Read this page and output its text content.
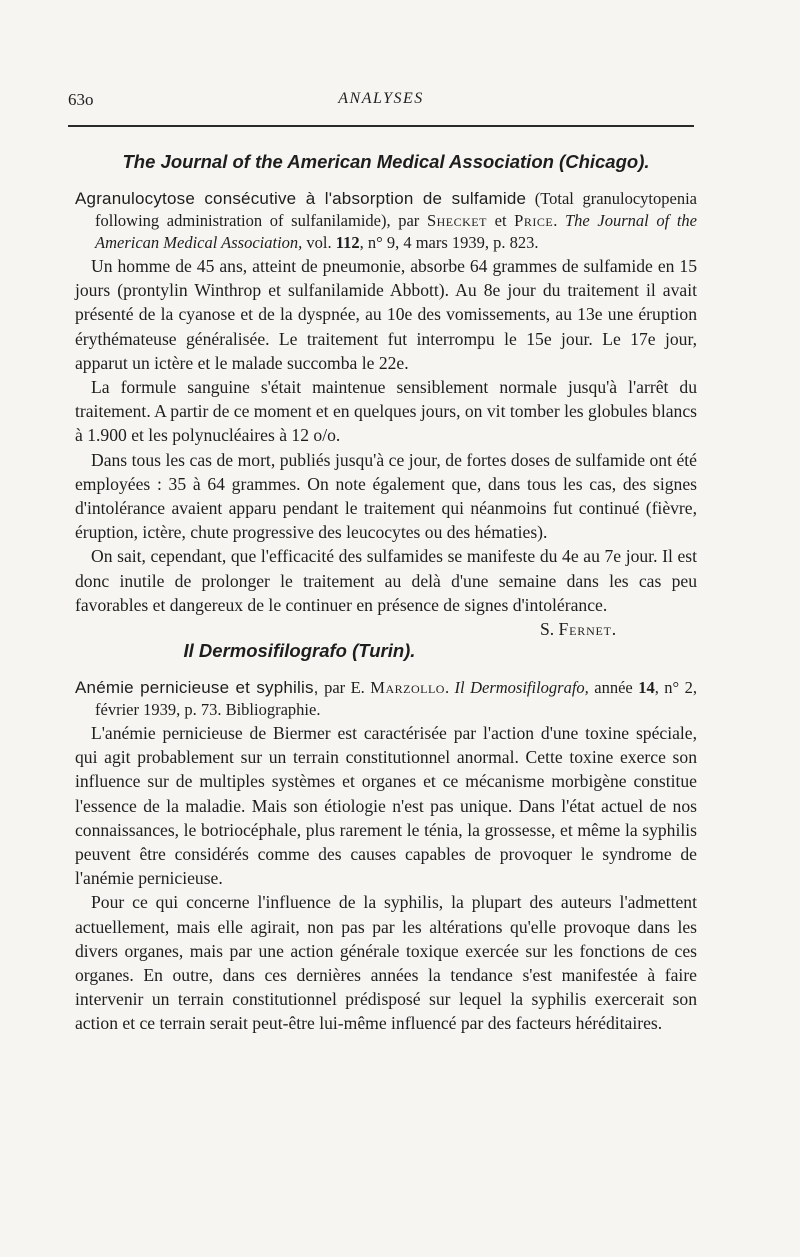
63o	ANALYSES
The Journal of the American Medical Association (Chicago).

Agranulocytose consécutive à l'absorption de sulfamide (Total granulocytopenia following administration of sulfanilamide), par Shecket et Price. The Journal of the American Medical Association, vol. 112, n° 9, 4 mars 1939, p. 823.

Un homme de 45 ans, atteint de pneumonie, absorbe 64 grammes de sulfamide en 15 jours (prontylin Winthrop et sulfanilamide Abbott). Au 8e jour du traitement il avait présenté de la cyanose et de la dyspnée, au 10e des vomissements, au 13e une éruption érythémateuse généralisée. Le traitement fut interrompu le 15e jour. Le 17e jour, apparut un ictère et le malade succomba le 22e.

La formule sanguine s'était maintenue sensiblement normale jusqu'à l'arrêt du traitement. A partir de ce moment et en quelques jours, on vit tomber les globules blancs à 1.900 et les polynucléaires à 12 o/o.

Dans tous les cas de mort, publiés jusqu'à ce jour, de fortes doses de sulfamide ont été employées : 35 à 64 grammes. On note également que, dans tous les cas, des signes d'intolérance avaient apparu pendant le traitement qui néanmoins fut continué (fièvre, éruption, ictère, chute progressive des leucocytes ou des hématies).

On sait, cependant, que l'efficacité des sulfamides se manifeste du 4e au 7e jour. Il est donc inutile de prolonger le traitement au delà d'une semaine dans les cas peu favorables et dangereux de le continuer en présence de signes d'intolérance.
S. Fernet.

Il Dermosifilografo (Turin).

Anémie pernicieuse et syphilis, par E. Marzollo. Il Dermosifilografo, année 14, n° 2, février 1939, p. 73. Bibliographie.

L'anémie pernicieuse de Biermer est caractérisée par l'action d'une toxine spéciale, qui agit probablement sur un terrain constitutionnel anormal. Cette toxine exerce son influence sur de multiples systèmes et organes et ce mécanisme morbigène constitue l'essence de la maladie. Mais son étiologie n'est pas unique. Dans l'état actuel de nos connaissances, le botriocéphale, plus rarement le ténia, la grossesse, et même la syphilis peuvent être considérés comme des causes capables de provoquer le syndrome de l'anémie pernicieuse.

Pour ce qui concerne l'influence de la syphilis, la plupart des auteurs l'admettent actuellement, mais elle agirait, non pas par les altérations qu'elle provoque dans les divers organes, mais par une action générale toxique exercée sur les fonctions de ces organes. En outre, dans ces dernières années la tendance s'est manifestée à faire intervenir un terrain constitutionnel prédisposé sur lequel la syphilis exercerait son action et ce terrain serait peut-être lui-même influencé par des facteurs héréditaires.
